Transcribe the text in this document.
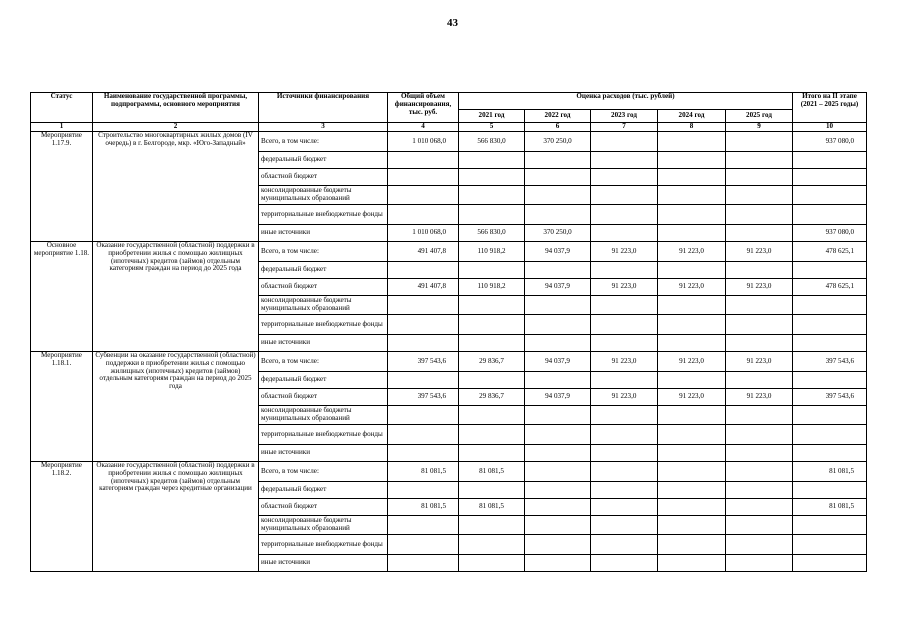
43
Статус	Наименование государственной программы, подпрограммы, основного мероприятия	Источники финансирования	Общий объем финансирования, тыс. руб.	Оценка расходов (тыс. рублей)					Итого на II этапе (2021 – 2025 годы)
				2021 год	2022 год	2023 год	2024 год	2025 год	
1	2	3	4	5	6	7	8	9	10
Мероприятие 1.17.9.	Строительство многоквартирных жилых домов (IV очередь) в г. Белгороде, мкр. «Юго-Западный»	Всего, в том числе:	1 010 068,0	566 830,0	370 250,0				937 080,0
		федеральный бюджет							
		областной бюджет							
		консолидированные бюджеты муниципальных образований							
		территориальные внебюджетные фонды							
		иные источники	1 010 068,0	566 830,0	370 250,0				937 080,0
Основное мероприятие 1.18.	Оказание государственной (областной) поддержки в приобретении жилья с помощью жилищных (ипотечных) кредитов (займов) отдельным категориям граждан на период до 2025 года	Всего, в том числе:	491 407,8	110 918,2	94 037,9	91 223,0	91 223,0	91 223,0	478 625,1
		федеральный бюджет							
		областной бюджет	491 407,8	110 918,2	94 037,9	91 223,0	91 223,0	91 223,0	478 625,1
		консолидированные бюджеты муниципальных образований							
		территориальные внебюджетные фонды							
		иные источники							
Мероприятие 1.18.1.	Субвенции на оказание государственной (областной) поддержки в приобретении жилья с помощью жилищных (ипотечных) кредитов (займов) отдельным категориям граждан на период до 2025 года	Всего, в том числе:	397 543,6	29 836,7	94 037,9	91 223,0	91 223,0	91 223,0	397 543,6
		федеральный бюджет							
		областной бюджет	397 543,6	29 836,7	94 037,9	91 223,0	91 223,0	91 223,0	397 543,6
		консолидированные бюджеты муниципальных образований							
		территориальные внебюджетные фонды							
		иные источники							
Мероприятие 1.18.2.	Оказание государственной (областной) поддержки в приобретении жилья с помощью жилищных (ипотечных) кредитов (займов) отдельным категориям граждан через кредитные организации	Всего, в том числе:	81 081,5	81 081,5					81 081,5
		федеральный бюджет							
		областной бюджет	81 081,5	81 081,5					81 081,5
		консолидированные бюджеты муниципальных образований							
		территориальные внебюджетные фонды							
		иные источники							
